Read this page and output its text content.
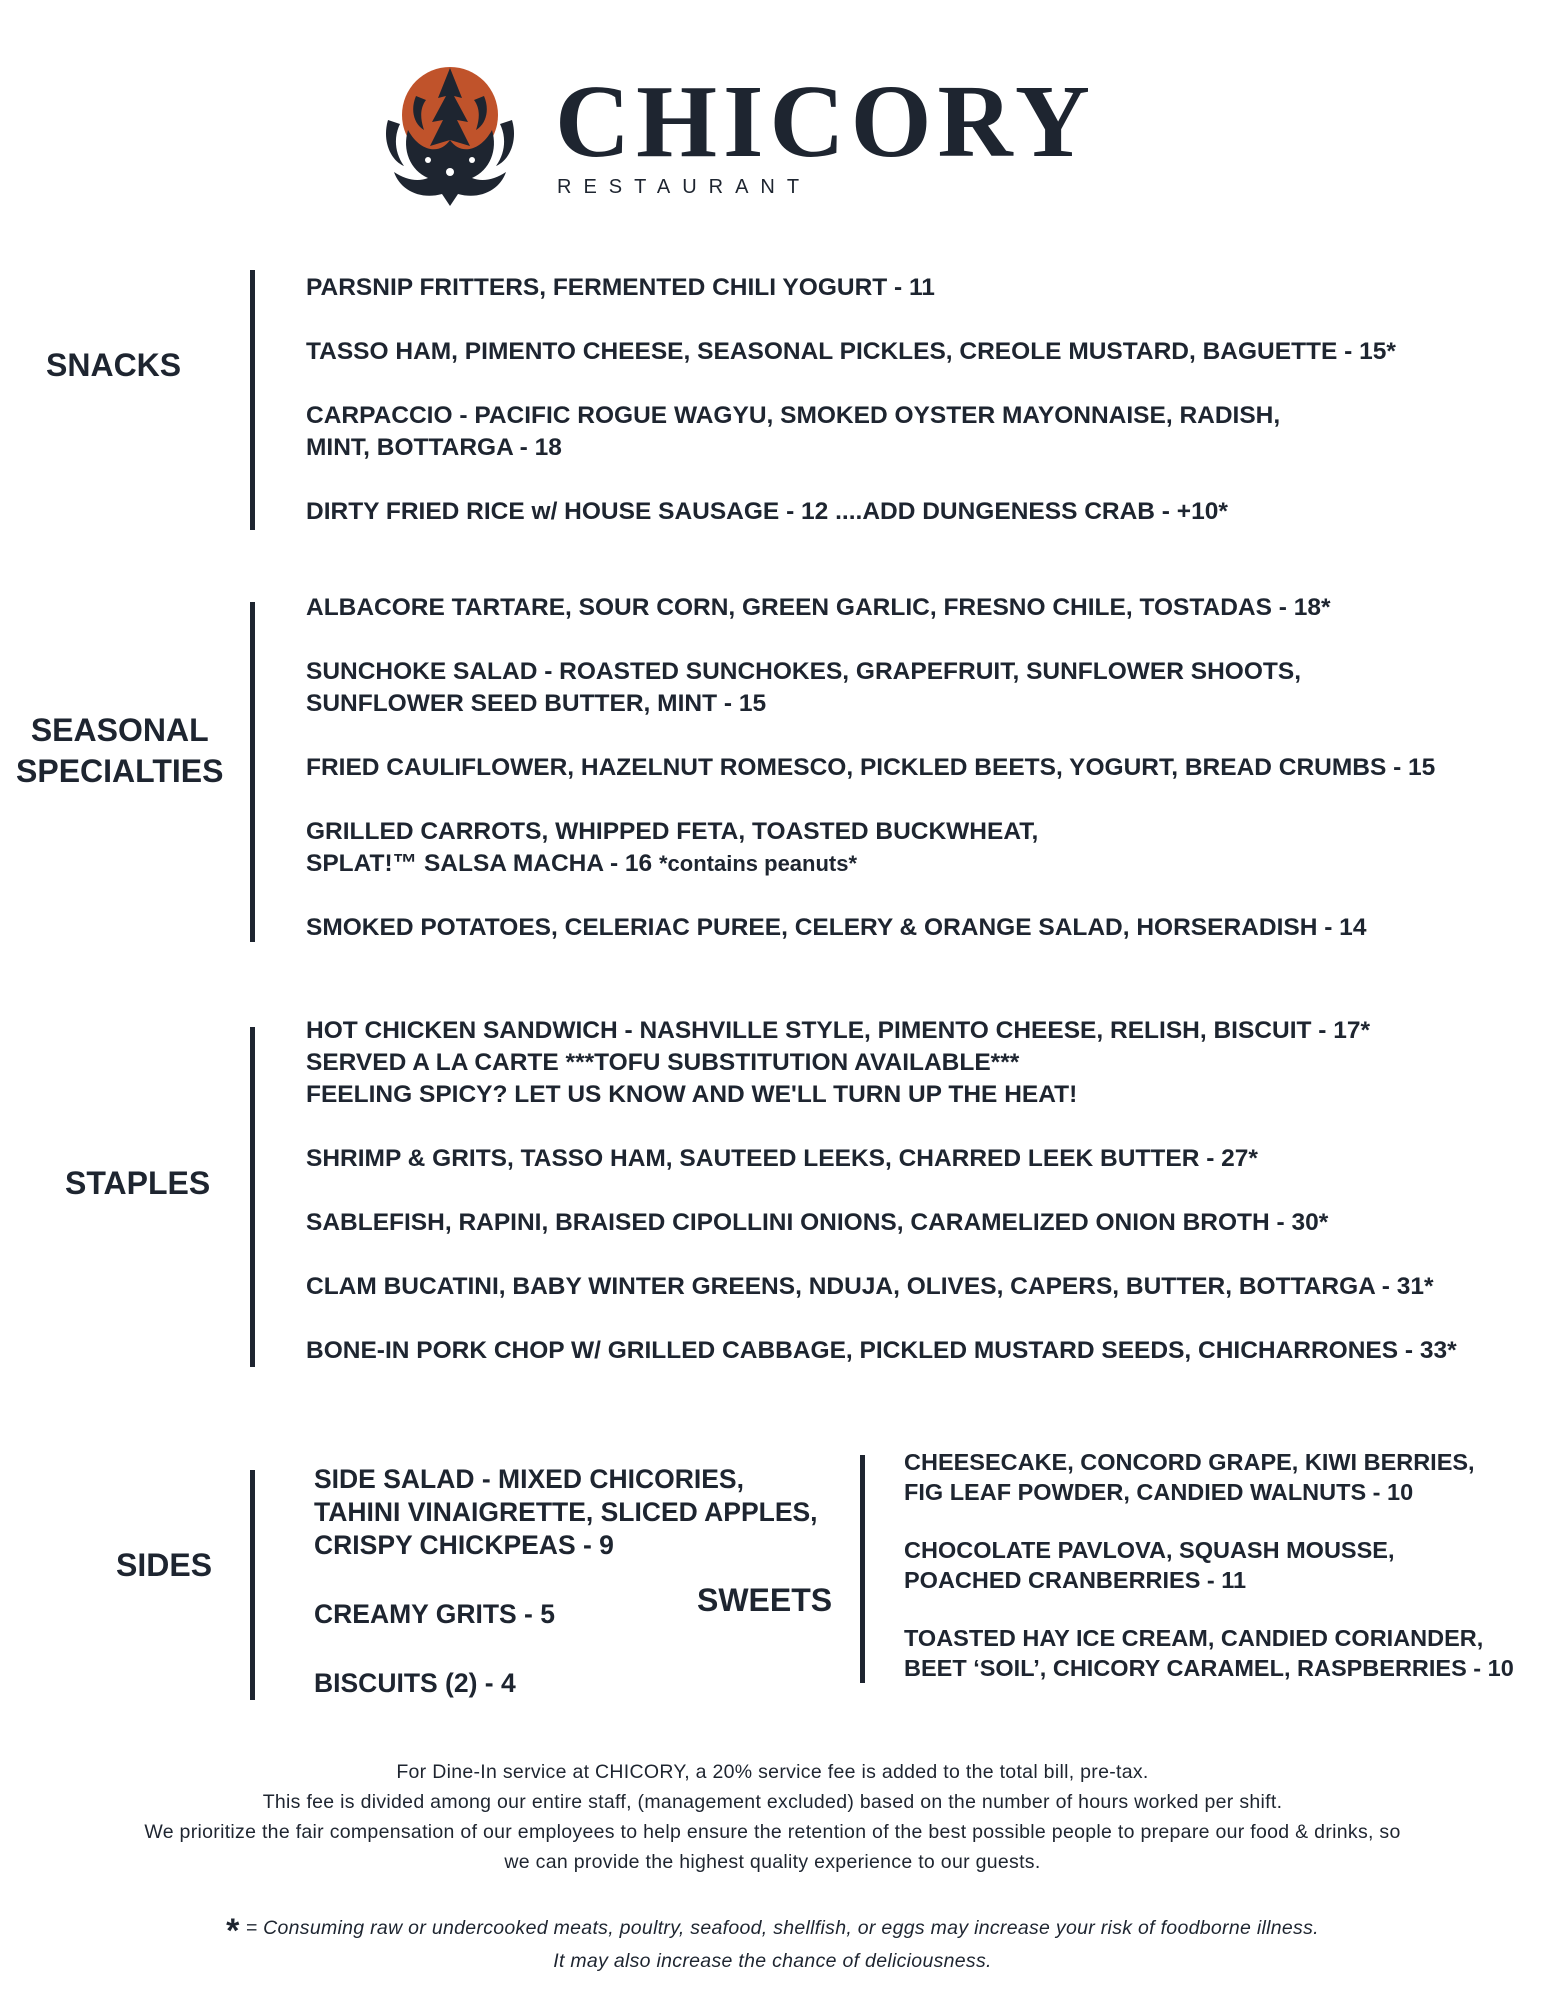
CHICORY
RESTAURANT
SNACKS
PARSNIP FRITTERS, FERMENTED CHILI YOGURT - 11
TASSO HAM, PIMENTO CHEESE, SEASONAL PICKLES, CREOLE MUSTARD, BAGUETTE - 15*
CARPACCIO - PACIFIC ROGUE WAGYU, SMOKED OYSTER MAYONNAISE, RADISH,
MINT, BOTTARGA - 18
DIRTY FRIED RICE w/ HOUSE SAUSAGE - 12 ....ADD DUNGENESS CRAB - +10*
SEASONAL
SPECIALTIES
ALBACORE TARTARE, SOUR CORN, GREEN GARLIC, FRESNO CHILE, TOSTADAS - 18*
SUNCHOKE SALAD - ROASTED SUNCHOKES, GRAPEFRUIT, SUNFLOWER SHOOTS,
SUNFLOWER SEED BUTTER, MINT - 15
FRIED CAULIFLOWER, HAZELNUT ROMESCO, PICKLED BEETS, YOGURT, BREAD CRUMBS - 15
GRILLED CARROTS, WHIPPED FETA, TOASTED BUCKWHEAT,
SPLAT!™ SALSA MACHA - 16 *contains peanuts*
SMOKED POTATOES, CELERIAC PUREE, CELERY & ORANGE SALAD, HORSERADISH - 14
STAPLES
HOT CHICKEN SANDWICH - NASHVILLE STYLE, PIMENTO CHEESE, RELISH, BISCUIT - 17*
SERVED A LA CARTE ***TOFU SUBSTITUTION AVAILABLE***
FEELING SPICY? LET US KNOW AND WE'LL TURN UP THE HEAT!
SHRIMP & GRITS, TASSO HAM, SAUTEED LEEKS, CHARRED LEEK BUTTER - 27*
SABLEFISH, RAPINI, BRAISED CIPOLLINI ONIONS, CARAMELIZED ONION BROTH - 30*
CLAM BUCATINI, BABY WINTER GREENS, NDUJA, OLIVES, CAPERS, BUTTER, BOTTARGA - 31*
BONE-IN PORK CHOP W/ GRILLED CABBAGE, PICKLED MUSTARD SEEDS, CHICHARRONES - 33*
SIDES
SIDE SALAD - MIXED CHICORIES,
TAHINI VINAIGRETTE, SLICED APPLES,
CRISPY CHICKPEAS - 9
CREAMY GRITS - 5
BISCUITS (2) - 4
SWEETS
CHEESECAKE, CONCORD GRAPE, KIWI BERRIES,
FIG LEAF POWDER, CANDIED WALNUTS - 10
CHOCOLATE PAVLOVA, SQUASH MOUSSE,
POACHED CRANBERRIES - 11
TOASTED HAY ICE CREAM, CANDIED CORIANDER,
BEET ‘SOIL’, CHICORY CARAMEL, RASPBERRIES - 10
For Dine-In service at CHICORY, a 20% service fee is added to the total bill, pre-tax.
This fee is divided among our entire staff, (management excluded) based on the number of hours worked per shift.
We prioritize the fair compensation of our employees to help ensure the retention of the best possible people to prepare our food & drinks, so
we can provide the highest quality experience to our guests.
* = Consuming raw or undercooked meats, poultry, seafood, shellfish, or eggs may increase your risk of foodborne illness.
It may also increase the chance of deliciousness.
